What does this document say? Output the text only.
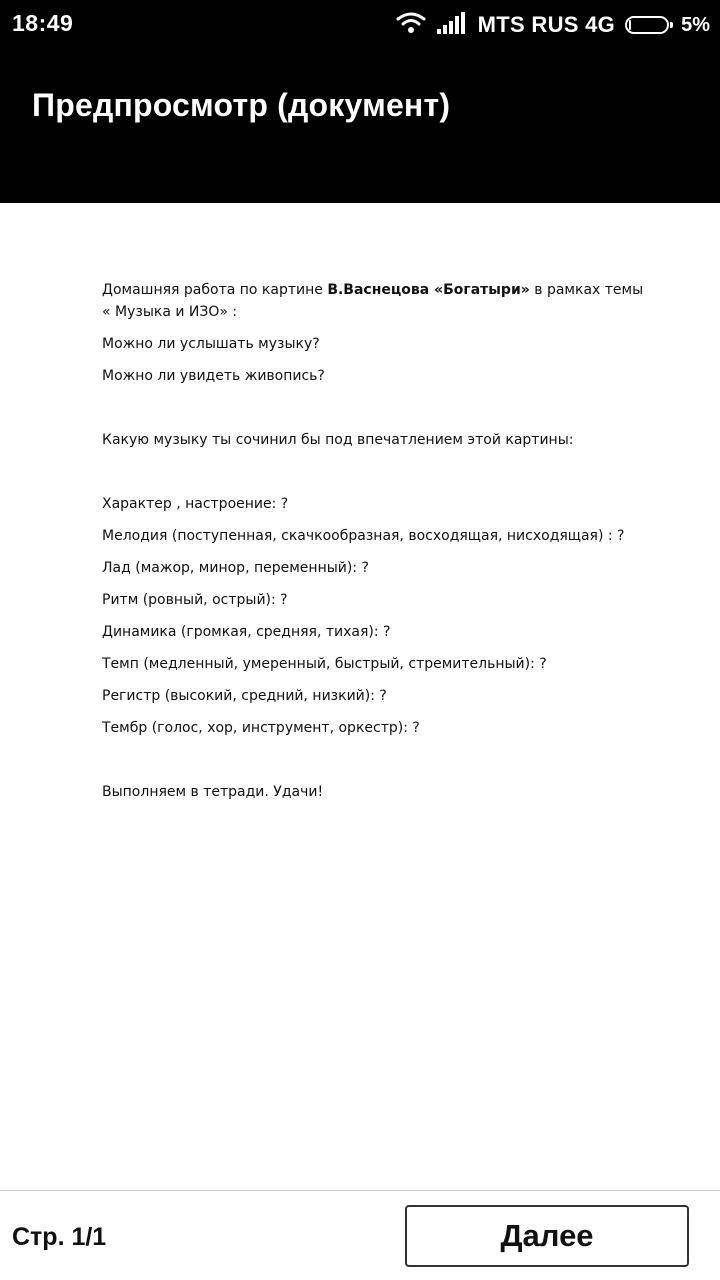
18:49	MTS RUS 4G	5%
Предпросмотр (документ)
Домашняя работа по картине В.Васнецова «Богатыри» в рамках темы
« Музыка и ИЗО» :
Можно ли услышать музыку?
Можно ли увидеть живопись?
Какую музыку ты сочинил бы под впечатлением этой картины:
Характер , настроение: ?
Мелодия (поступенная, скачкообразная, восходящая, нисходящая) : ?
Лад (мажор, минор, переменный): ?
Ритм (ровный, острый): ?
Динамика (громкая, средняя, тихая): ?
Темп (медленный, умеренный, быстрый, стремительный): ?
Регистр (высокий, средний, низкий): ?
Тембр (голос, хор, инструмент, оркестр): ?
Выполняем в тетради. Удачи!
Стр. 1/1	Далее
